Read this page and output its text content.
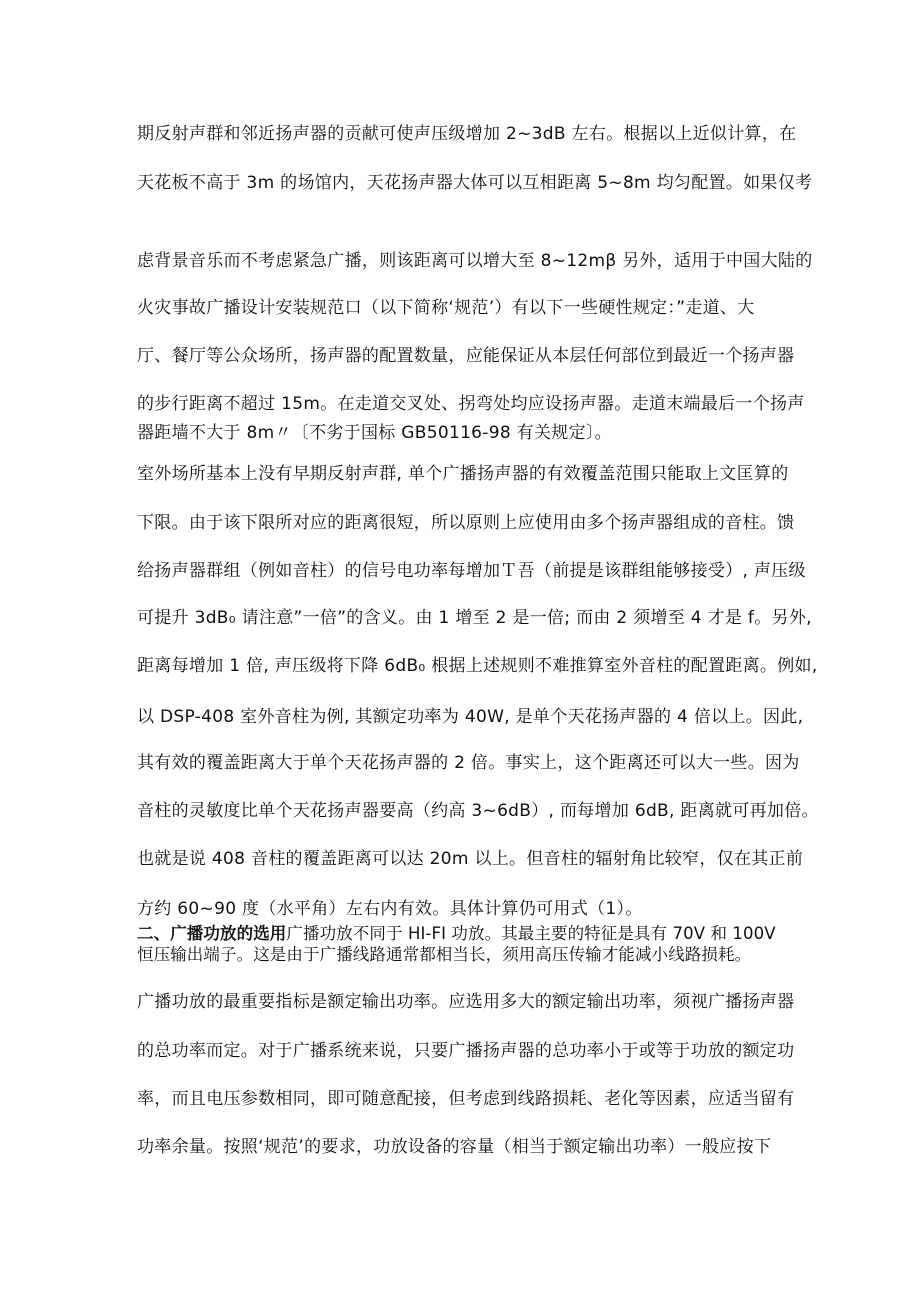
期反射声群和邻近扬声器的贡献可使声压级增加 2~3dB 左右。根据以上近似计算，在
天花板不高于 3m 的场馆内，天花扬声器大体可以互相距离 5~8m 均匀配置。如果仅考
虑背景音乐而不考虑紧急广播，则该距离可以增大至 8~12mβ 另外，适用于中国大陆的
火灾事故广播设计安装规范口（以下简称‘规范’）有以下一些硬性规定：”走道、大
厅、餐厅等公众场所，扬声器的配置数量，应能保证从本层任何部位到最近一个扬声器
的步行距离不超过 15m。在走道交叉处、拐弯处均应设扬声器。走道末端最后一个扬声
器距墙不大于 8m〃〔不劣于国标 GB50116-98 有关规定〕。
室外场所基本上没有早期反射声群, 单个广播扬声器的有效覆盖范围只能取上文匡算的
下限。由于该下限所对应的距离很短，所以原则上应使用由多个扬声器组成的音柱。馈
给扬声器群组（例如音柱）的信号电功率每增加Ｔ吾（前提是该群组能够接受）, 声压级
可提升 3dB₀ 请注意”一倍”的含义。由 1 增至 2 是一倍; 而由 2 须增至 4 才是 f。另外,
距离每增加 1 倍, 声压级将下降 6dB₀ 根据上述规则不难推算室外音柱的配置距离。例如,
以 DSP-408 室外音柱为例, 其额定功率为 40W, 是单个天花扬声器的 4 倍以上。因此,
其有效的覆盖距离大于单个天花扬声器的 2 倍。事实上，这个距离还可以大一些。因为
音柱的灵敏度比单个天花扬声器要高（约高 3~6dB）, 而每增加 6dB, 距离就可再加倍。
也就是说 408 音柱的覆盖距离可以达 20m 以上。但音柱的辐射角比较窄，仅在其正前
方约 60~90 度（水平角）左右内有效。具体计算仍可用式（1）。
二、广播功放的选用广播功放不同于 HI-FI 功放。其最主要的特征是具有 70V 和 100V
恒压输出端子。这是由于广播线路通常都相当长，须用高压传输才能减小线路损耗。
广播功放的最重要指标是额定输出功率。应选用多大的额定输出功率，须视广播扬声器
的总功率而定。对于广播系统来说，只要广播扬声器的总功率小于或等于功放的额定功
率，而且电压参数相同，即可随意配接，但考虑到线路损耗、老化等因素，应适当留有
功率余量。按照‘规范’的要求，功放设备的容量（相当于额定输出功率）一般应按下
